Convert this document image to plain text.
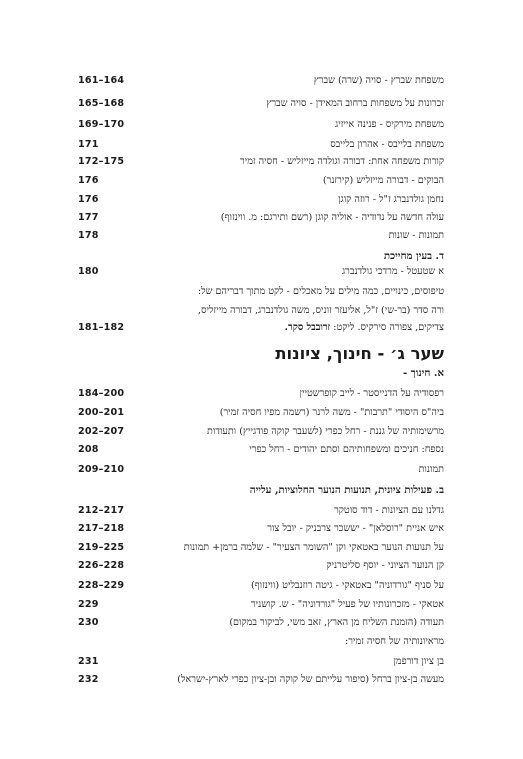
משפחת שברץ - סויה (שרה) שברץ
161–164
זכרונות על משפחות ברחוב המאידן - סויה שברץ
165–168
משפחת מירקיס - פנינה אייזיג
169–170
משפחת בלייבס - אהרון בלייבס
171
קורות משפחה אחת: דבורה וגולדה מייזליש - חסיה זמיר
172–175
הבוקים - דבורה מייזליש (קירזנר)
176
נחמן גולדנברג ז"ל - רוזה קוגן
176
עולה חדשה על נדודיה - אוליה קוגן (רשם ותירגם: מ. ווינזוף)
177
תמונות - שונות
178
ד. בעין מחייכת
א שטעטל - מרדכי גולדנברג
180
טיפוסים, כינויים, כמה מילים על מאכלים - לקט מתוך דבריהם של:
ורה סדר (בר-שי) ז"ל, אליעזר זוניס, משה גולדנברג, דבורה מייזליס,
צדיקים, צפורה סירקיס. ליקט: זרובבל סקר.
181–182
שער ג׳ - חינוך, ציונות
א. חינוך -
רפסודיה על הדנייסטר - לייב קופרשטיין
184–200
ביה"ס היסודי "תרבות" - משה לרנר (רשמה מפיו חסיה זמיר)
200–201
מרשימותיה של גננת - רחל כפרי (לשעבר קוקה פודגייץ) ותעודות
202–207
נספח: חניכים ומשפחותיהם וסתם יהודים - רחל כפרי
208
תמונות
209–210
ב. פעילות ציונית, תנועות הנוער החלוציות, עלייה
גדלנו עם הציונות - דוד סוטקר
212–217
איש אניית "רוסלאן" - יששכר צרבניק - יובל צור
217–218
על תנועות הנוער באטאקי וקן "השומר הצעיר" - שלמה ברמן+ תמונות
219–225
קן הנוער הציוני - יוסף סליטרניק
226–228
על סניף "גורדוניה" באטאקי - גיטה רוזנבליט (ווינזוף)
228–229
אטאקי - מזכרונותיו של פעיל "גורדוניה" - ש. קושניר
229
תעודה (הזמנת השליח מן הארץ, זאב משי, לביקור במקום)
230
מראיונותיה של חסיה זמיר:
בן ציון דורפמן
231
מעשה בן-ציון ברחל (סיפור עלייתם של קוקה ובן-ציון כפרי לארץ-ישראל)
232
